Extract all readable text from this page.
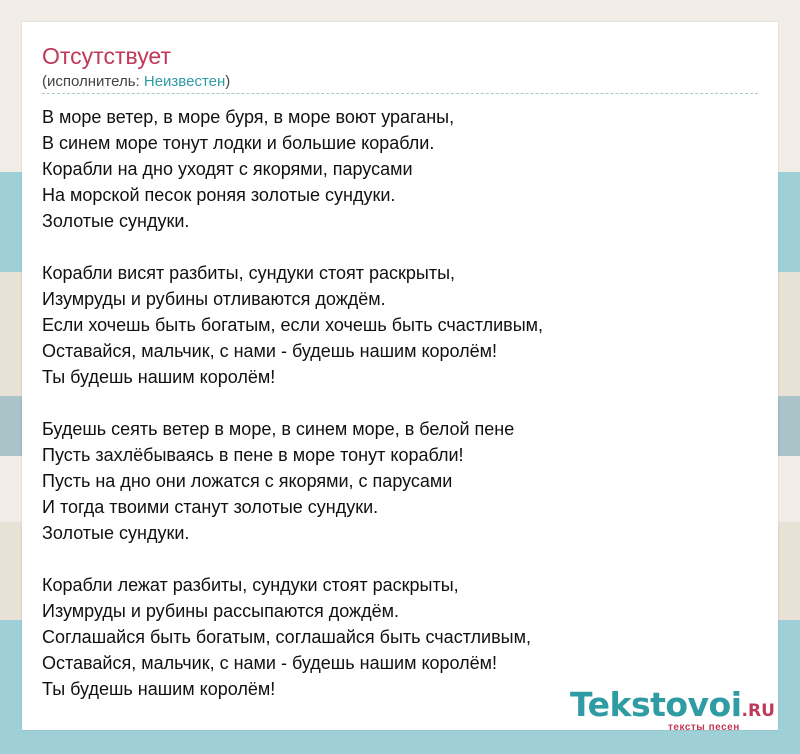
Отсутствует
(исполнитель: Неизвестен)
В море ветер, в море буря, в море воют ураганы,
В синем море тонут лодки и большие корабли.
Корабли на дно уходят с якорями, парусами
На морской песок роняя золотые сундуки.
Золотые сундуки.
Корабли висят разбиты, сундуки стоят раскрыты,
Изумруды и рубины отливаются дождём.
Если хочешь быть богатым, если хочешь быть счастливым,
Оставайся, мальчик, с нами - будешь нашим королём!
Ты будешь нашим королём!
Будешь сеять ветер в море, в синем море, в белой пене
Пусть захлёбываясь в пене в море тонут корабли!
Пусть на дно они ложатся с якорями, с парусами
И тогда твоими станут золотые сундуки.
Золотые сундуки.
Корабли лежат разбиты, сундуки стоят раскрыты,
Изумруды и рубины рассыпаются дождём.
Соглашайся быть богатым, соглашайся быть счастливым,
Оставайся, мальчик, с нами - будешь нашим королём!
Ты будешь нашим королём!	Tekstovoi.RU
тексты песен
